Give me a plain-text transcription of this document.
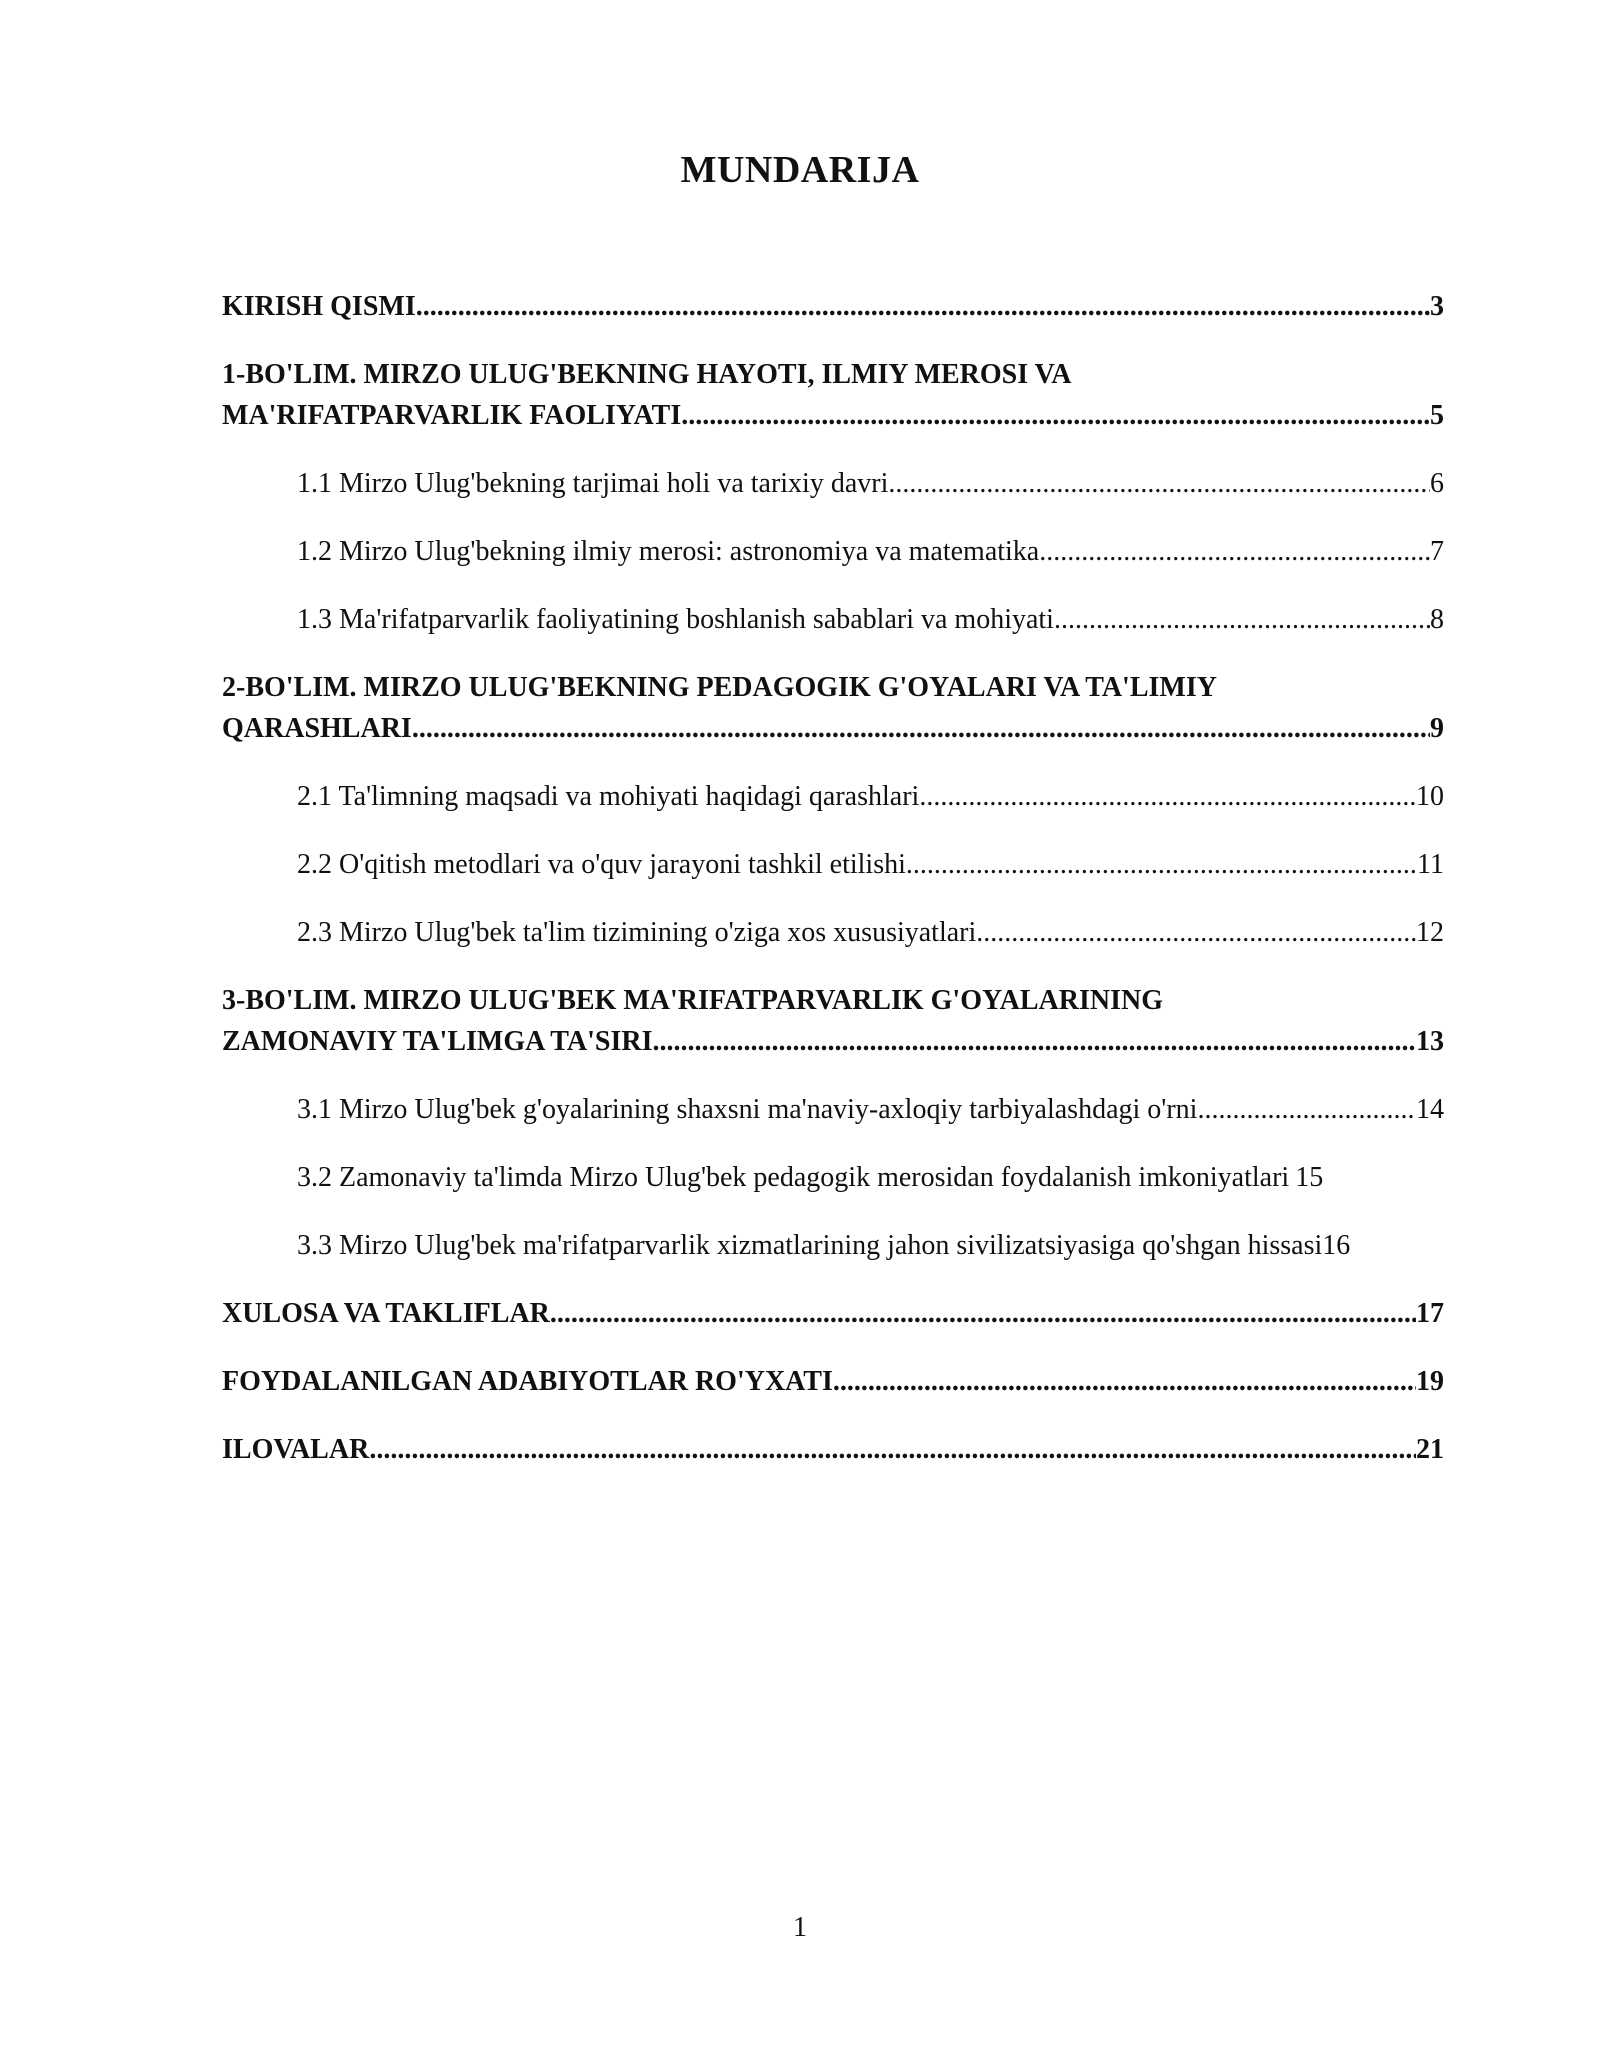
MUNDARIJA
KIRISH QISMI .....	3
1-BO'LIM. MIRZO ULUG'BEKNING HAYOTI, ILMIY MEROSI VA
MA'RIFATPARVARLIK FAOLIYATI .....	5
1.1 Mirzo Ulug'bekning tarjimai holi va tarixiy davri .....	6
1.2 Mirzo Ulug'bekning ilmiy merosi: astronomiya va matematika .....	7
1.3 Ma'rifatparvarlik faoliyatining boshlanish sabablari va mohiyati .....	8
2-BO'LIM. MIRZO ULUG'BEKNING PEDAGOGIK G'OYALARI VA TA'LIMIY
QARASHLARI .....	9
2.1 Ta'limning maqsadi va mohiyati haqidagi qarashlari .....	10
2.2 O'qitish metodlari va o'quv jarayoni tashkil etilishi .....	11
2.3 Mirzo Ulug'bek ta'lim tizimining o'ziga xos xususiyatlari .....	12
3-BO'LIM. MIRZO ULUG'BEK MA'RIFATPARVARLIK G'OYALARINING
ZAMONAVIY TA'LIMGA TA'SIRI .....	13
3.1 Mirzo Ulug'bek g'oyalarining shaxsni ma'naviy-axloqiy tarbiyalashdagi o'rni .....	14
3.2 Zamonaviy ta'limda Mirzo Ulug'bek pedagogik merosidan foydalanish imkoniyatlari 15
3.3 Mirzo Ulug'bek ma'rifatparvarlik xizmatlarining jahon sivilizatsiyasiga qo'shgan hissasi 16
XULOSA VA TAKLIFLAR .....	17
FOYDALANILGAN ADABIYOTLAR RO'YXATI .....	19
ILOVALAR .....	21
1
